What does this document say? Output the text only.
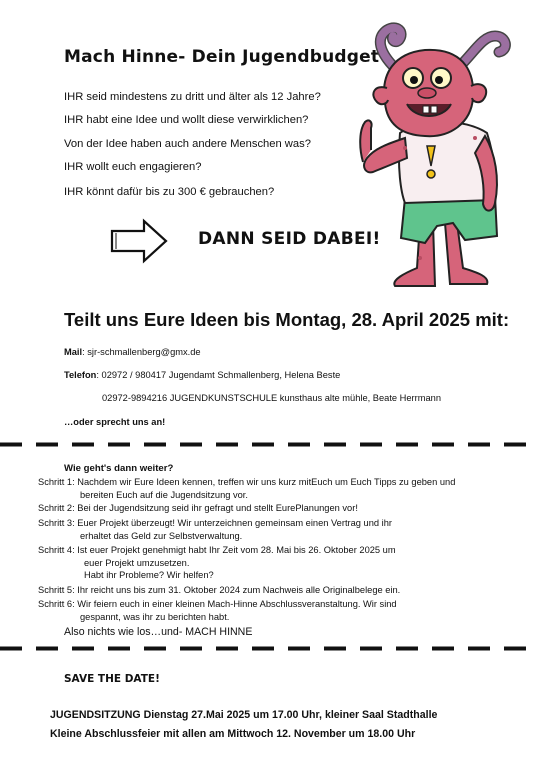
Mach Hinne- Dein Jugendbudget
IHR seid mindestens zu dritt und älter als 12 Jahre?
IHR habt eine Idee und wollt diese verwirklichen?
Von der Idee haben auch andere Menschen was?
IHR wollt euch engagieren?
IHR könnt dafür bis zu 300 € gebrauchen?
DANN SEID DABEI!
Teilt uns Eure Ideen bis Montag, 28. April 2025 mit:
Mail: sjr-schmallenberg@gmx.de
Telefon: 02972 / 980417 Jugendamt Schmallenberg, Helena Beste
02972-9894216 JUGENDKUNSTSCHULE kunsthaus alte mühle, Beate Herrmann
…oder sprecht uns an!
Wie geht's dann weiter?
Schritt 1: Nachdem wir Eure Ideen kennen, treffen wir uns kurz mitEuch um Euch Tipps zu geben und
bereiten Euch auf die Jugendsitzung vor.
Schritt 2: Bei der Jugendsitzung seid ihr gefragt und stellt EurePlanungen vor!
Schritt 3: Euer Projekt überzeugt! Wir unterzeichnen gemeinsam einen Vertrag und ihr
erhaltet das Geld zur Selbstverwaltung.
Schritt 4: Ist euer Projekt genehmigt habt Ihr Zeit vom 28. Mai bis 26. Oktober 2025 um
euer Projekt umzusetzen.
Habt ihr Probleme? Wir helfen?
Schritt 5: Ihr reicht uns bis zum 31. Oktober 2024 zum Nachweis alle Originalbelege ein.
Schritt 6: Wir feiern euch in einer kleinen Mach-Hinne Abschlussveranstaltung. Wir sind
gespannt, was ihr zu berichten habt.
Also nichts wie los…und- MACH HINNE
SAVE THE DATE!
JUGENDSITZUNG Dienstag 27.Mai 2025 um 17.00 Uhr, kleiner Saal Stadthalle
Kleine Abschlussfeier mit allen am Mittwoch 12. November um 18.00 Uhr
